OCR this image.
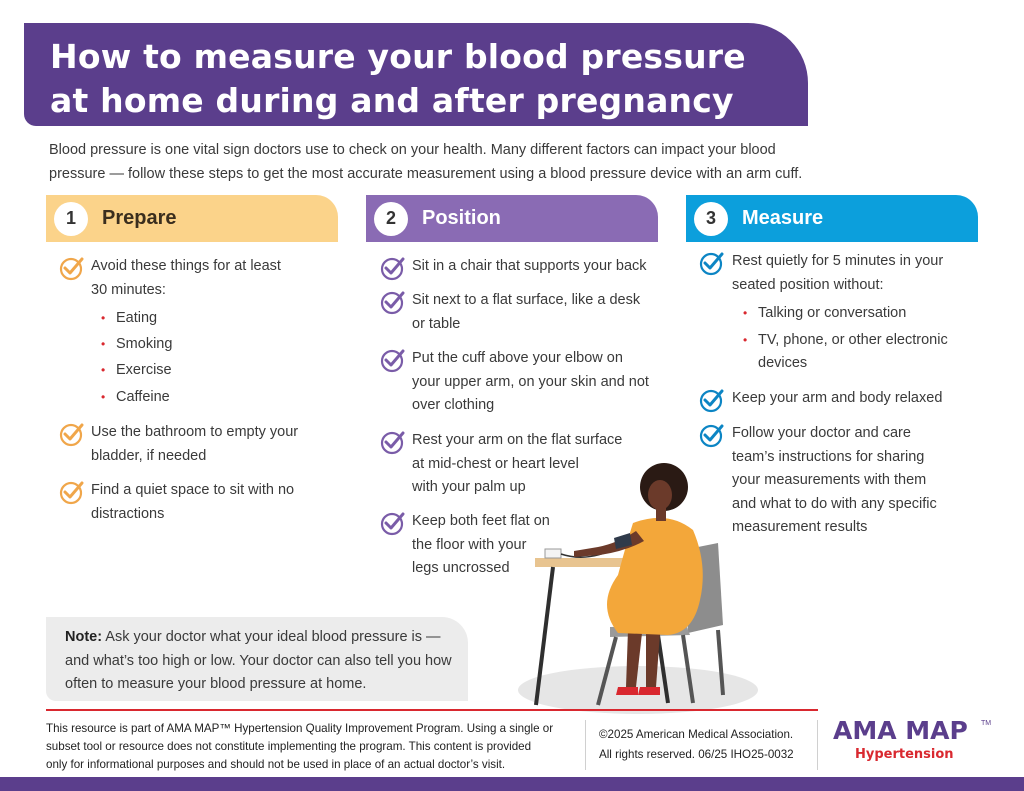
How to measure your blood pressure
at home during and after pregnancy

Blood pressure is one vital sign doctors use to check on your health. Many different factors can impact your blood pressure — follow these steps to get the most accurate measurement using a blood pressure device with an arm cuff.

1	Prepare	2	Position	3	Measure
Avoid these things for at least
30 minutes:
• Eating
• Smoking
• Exercise
• Caffeine
Use the bathroom to empty your
bladder, if needed
Find a quiet space to sit with no
distractions
Sit in a chair that supports your back
Sit next to a flat surface, like a desk
or table
Put the cuff above your elbow on
your upper arm, on your skin and not
over clothing
Rest your arm on the flat surface
at mid-chest or heart level
with your palm up
Keep both feet flat on
the floor with your
legs uncrossed
Rest quietly for 5 minutes in your
seated position without:
• Talking or conversation
• TV, phone, or other electronic
devices
Keep your arm and body relaxed
Follow your doctor and care
team’s instructions for sharing
your measurements with them
and what to do with any specific
measurement results
Note: Ask your doctor what your ideal blood pressure is —
and what’s too high or low. Your doctor can also tell you how
often to measure your blood pressure at home.
This resource is part of AMA MAP™ Hypertension Quality Improvement Program. Using a single or
subset tool or resource does not constitute implementing the program. This content is provided
only for informational purposes and should not be used in place of an actual doctor’s visit.
©2025 American Medical Association.
All rights reserved. 06/25 IHO25-0032
AMA MAP TM
Hypertension
